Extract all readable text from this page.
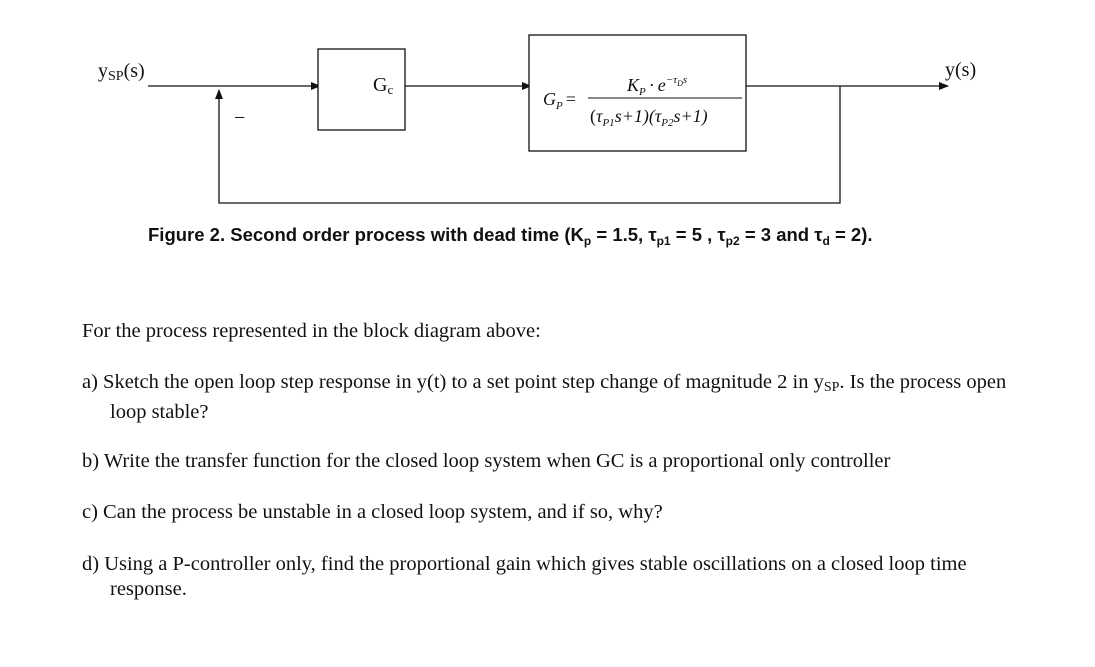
ySP(s)
Gc	$G_P$ =
$K_P \cdot e^{-\tau}Ds$
$(\tau_{P1}s+1)(\tau_{P2}s+1)$
y(s)
−
Figure 2. Second order process with dead time ($K_p = 1.5$, $\tau_{p1} = 5$ , $\tau_{p2} = 3$ and $\tau_d = 2$).
For the process represented in the block diagram above:
a) Sketch the open loop step response in y(t) to a set point step change of magnitude 2 in $y_{SP}$. Is the process open loop stable?
b) Write the transfer function for the closed loop system when GC is a proportional only controller
c) Can the process be unstable in a closed loop system, and if so, why?
d) Using a P-controller only, find the proportional gain which gives stable oscillations on a closed loop time response.
